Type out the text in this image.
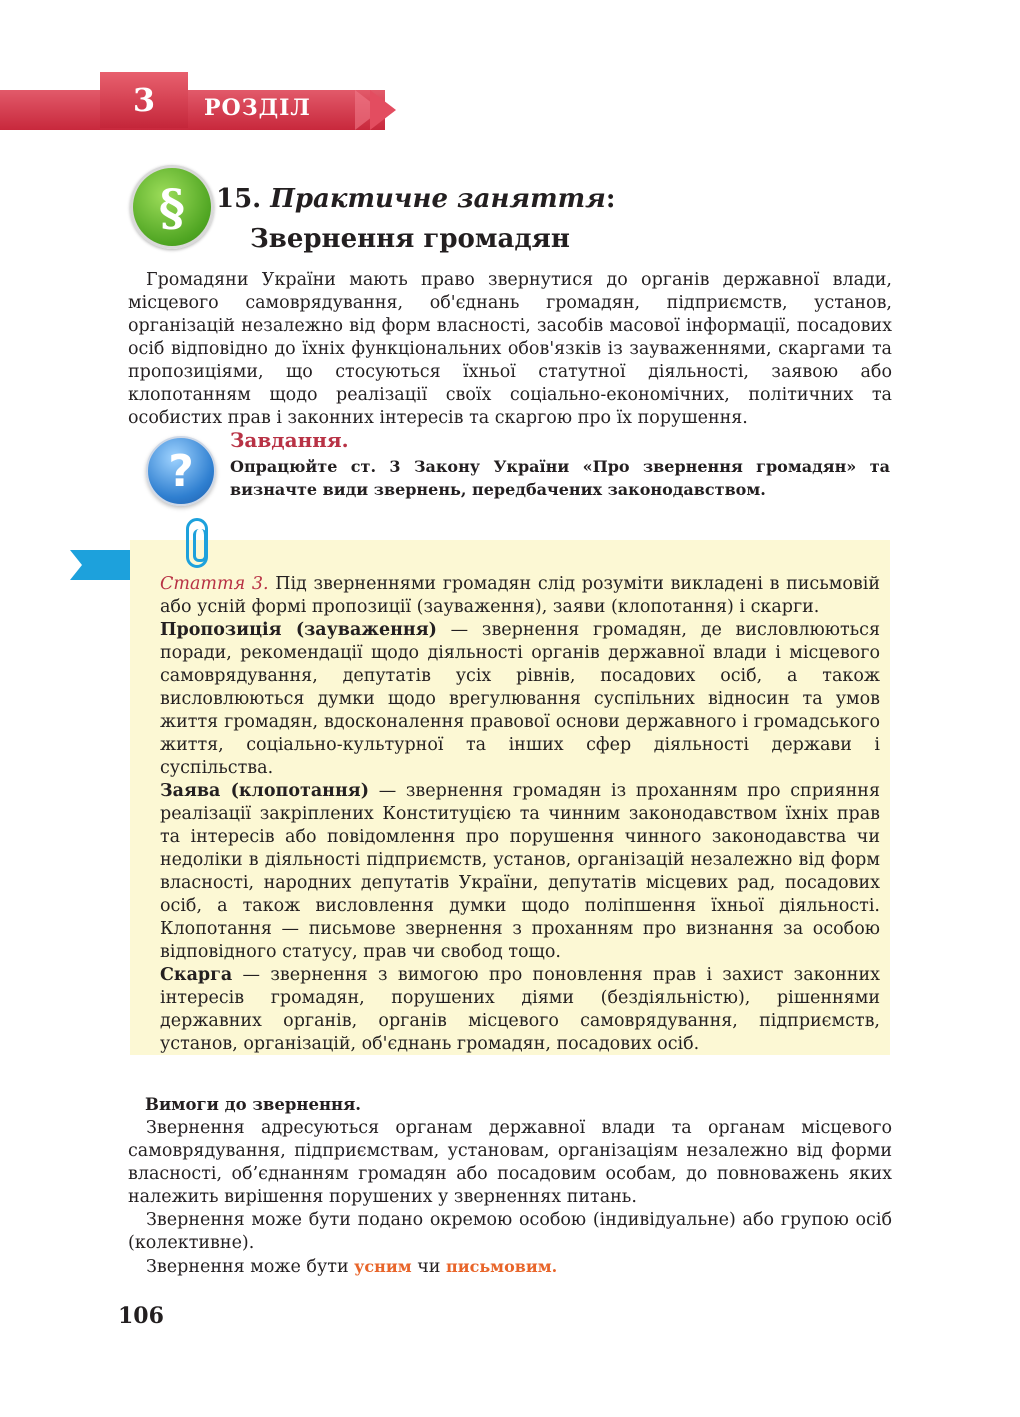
3	РОЗДІЛ
§	15. Практичне заняття:
Звернення громадян
Громадяни України мають право звернутися до органів державної влади, місцевого самоврядування, об'єднань громадян, підприємств, установ, організацій незалежно від форм власності, засобів масової інформації, посадових осіб відповідно до їхніх функціональних обов'язків із зауваженнями, скаргами та пропозиціями, що стосуються їхньої статутної діяльності, заявою або клопотанням щодо реалізації своїх соціально-економічних, політичних та особистих прав і законних інтересів та скаргою про їх порушення.
?
Завдання.
Опрацюйте ст. 3 Закону України «Про звернення громадян» та визначте види звернень, передбачених законодавством.

Стаття 3. Під зверненнями громадян слід розуміти викладені в письмовій або усній формі пропозиції (зауваження), заяви (клопотання) і скарги.

Пропозиція (зауваження) — звернення громадян, де висловлюються поради, рекомендації щодо діяльності органів державної влади і місцевого самоврядування, депутатів усіх рівнів, посадових осіб, а також висловлюються думки щодо врегулювання суспільних відносин та умов життя громадян, вдосконалення правової основи державного і громадського життя, соціально-культурної та інших сфер діяльності держави і суспільства.

Заява (клопотання) — звернення громадян із проханням про сприяння реалізації закріплених Конституцією та чинним законодавством їхніх прав та інтересів або повідомлення про порушення чинного законодавства чи недоліки в діяльності підприємств, установ, організацій незалежно від форм власності, народних депутатів України, депутатів місцевих рад, посадових осіб, а також висловлення думки щодо поліпшення їхньої діяльності. Клопотання — письмове звернення з проханням про визнання за особою відповідного статусу, прав чи свобод тощо.

Скарга — звернення з вимогою про поновлення прав і захист законних інтересів громадян, порушених діями (бездіяльністю), рішеннями державних органів, органів місцевого самоврядування, підприємств, установ, організацій, об'єднань громадян, посадових осіб.

Вимоги до звернення.
Звернення адресуються органам державної влади та органам місцевого самоврядування, підприємствам, установам, організаціям незалежно від форми власності, об’єднанням громадян або посадовим особам, до повноважень яких належить вирішення порушених у зверненнях питань.
Звернення може бути подано окремою особою (індивідуальне) або групою осіб (колективне).
Звернення може бути усним чи письмовим.
106
